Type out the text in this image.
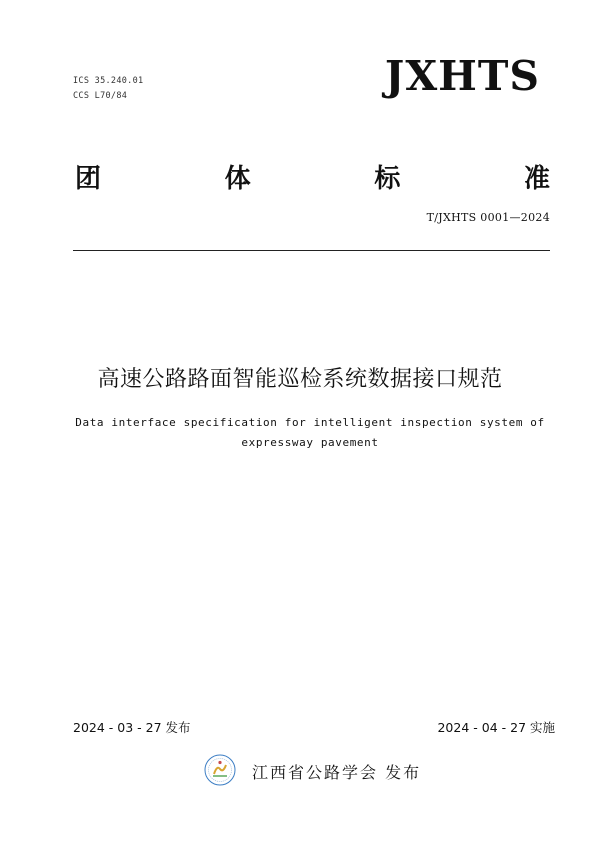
ICS 35.240.01
CCS L70/84	JXHTS
团	体	标	准
T/JXHTS 0001—2024
高速公路路面智能巡检系统数据接口规范
Data interface specification for intelligent inspection system of expressway pavement
2024 - 03 - 27 发布	2024 - 04 - 27 实施
江西省公路学会 发布
